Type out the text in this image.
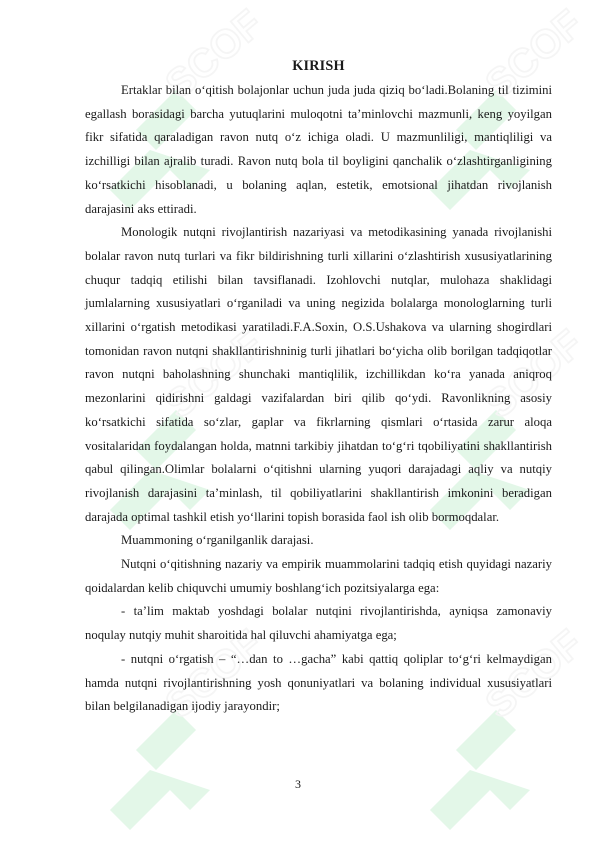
KIRISH

Ertaklar bilan o‘qitish bolajonlar uchun juda juda qiziq bo‘ladi.Bolaning til tizimini egallash borasidagi barcha yutuqlarini muloqotni ta’minlovchi mazmunli, keng yoyilgan fikr sifatida qaraladigan ravon nutq o‘z ichiga oladi. U mazmunliligi, mantiqliligi va izchilligi bilan ajralib turadi. Ravon nutq bola til boyligini qanchalik o‘zlashtirganligining ko‘rsatkichi hisoblanadi, u bolaning aqlan, estetik, emotsional jihatdan rivojlanish darajasini aks ettiradi.

Monologik nutqni rivojlantirish nazariyasi va metodikasining yanada rivojlanishi bolalar ravon nutq turlari va fikr bildirishning turli xillarini o‘zlashtirish xususiyatlarining chuqur tadqiq etilishi bilan tavsiflanadi. Izohlovchi nutqlar, mulohaza shaklidagi jumlalarning xususiyatlari o‘rganiladi va uning negizida bolalarga monologlarning turli xillarini o‘rgatish metodikasi yaratiladi.F.A.Soxin, O.S.Ushakova va ularning shogirdlari tomonidan ravon nutqni shakllantirishninig turli jihatlari bo‘yicha olib borilgan tadqiqotlar ravon nutqni baholashning shunchaki mantiqlilik, izchillikdan ko‘ra yanada aniqroq mezonlarini qidirishni galdagi vazifalardan biri qilib qo‘ydi. Ravonlikning asosiy ko‘rsatkichi sifatida so‘zlar, gaplar va fikrlarning qismlari o‘rtasida zarur aloqa vositalaridan foydalangan holda, matnni tarkibiy jihatdan to‘g‘ri tqobiliyatini shakllantirish qabul qilingan.Olimlar bolalarni o‘qitishni ularning yuqori darajadagi aqliy va nutqiy rivojlanish darajasini ta’minlash, til qobiliyatlarini shakllantirish imkonini beradigan darajada optimal tashkil etish yo‘llarini topish borasida faol ish olib bormoqdalar.

Muammoning o‘rganilganlik darajasi.

Nutqni o‘qitishning nazariy va empirik muammolarini tadqiq etish quyidagi nazariy qoidalardan kelib chiquvchi umumiy boshlang‘ich pozitsiyalarga ega:

- ta’lim maktab yoshdagi bolalar nutqini rivojlantirishda, ayniqsa zamonaviy noqulay nutqiy muhit sharoitida hal qiluvchi ahamiyatga ega;

- nutqni o‘rgatish – “…dan to …gacha” kabi qattiq qoliplar to‘g‘ri kelmaydigan hamda nutqni rivojlantirishning yosh qonuniyatlari va bolaning individual xususiyatlari bilan belgilanadigan ijodiy jarayondir;

3
